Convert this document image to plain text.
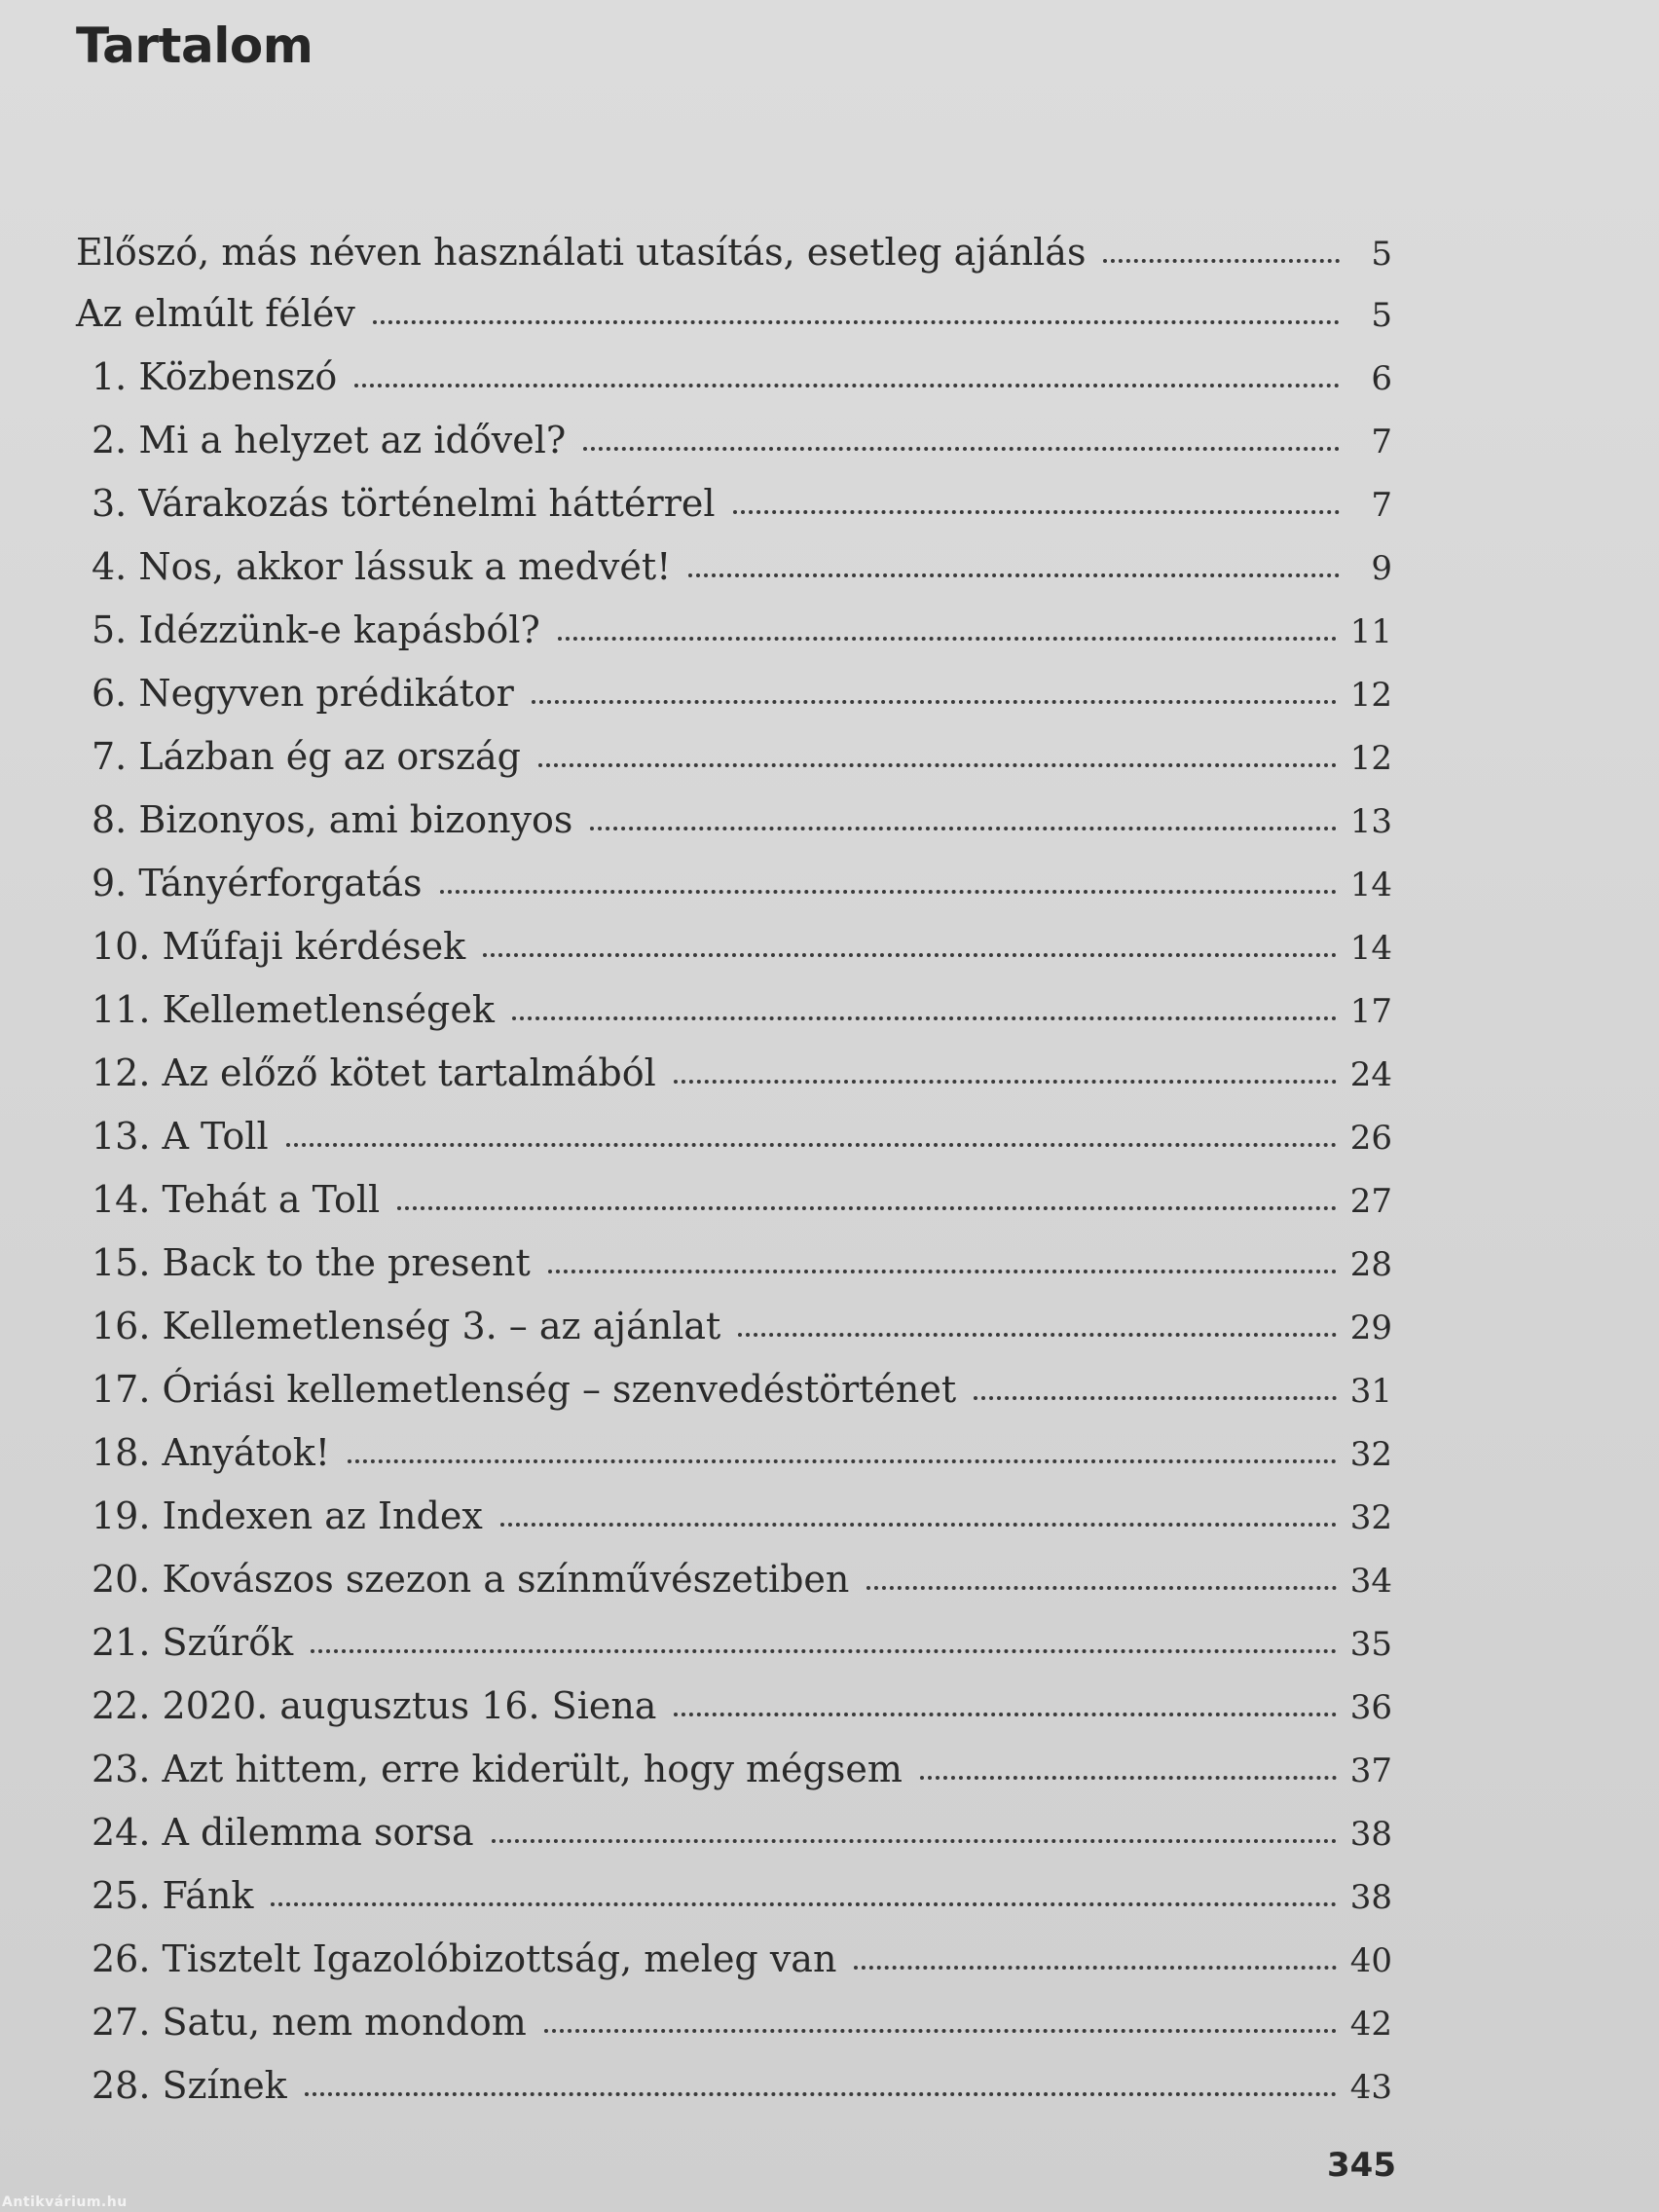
Tartalom
Előszó, más néven használati utasítás, esetleg ajánlás	5
Az elmúlt félév	5
1. Közbenszó	6
2. Mi a helyzet az idővel?	7
3. Várakozás történelmi háttérrel	7
4. Nos, akkor lássuk a medvét!	9
5. Idézzünk-e kapásból?	11
6. Negyven prédikátor	12
7. Lázban ég az ország	12
8. Bizonyos, ami bizonyos	13
9. Tányérforgatás	14
10. Műfaji kérdések	14
11. Kellemetlenségek	17
12. Az előző kötet tartalmából	24
13. A Toll	26
14. Tehát a Toll	27
15. Back to the present	28
16. Kellemetlenség 3. – az ajánlat	29
17. Óriási kellemetlenség – szenvedéstörténet	31
18. Anyátok!	32
19. Indexen az Index	32
20. Kovászos szezon a színművészetiben	34
21. Szűrők	35
22. 2020. augusztus 16. Siena	36
23. Azt hittem, erre kiderült, hogy mégsem	37
24. A dilemma sorsa	38
25. Fánk	38
26. Tisztelt Igazolóbizottság, meleg van	40
27. Satu, nem mondom	42
28. Színek	43
345
Antikvárium.hu
